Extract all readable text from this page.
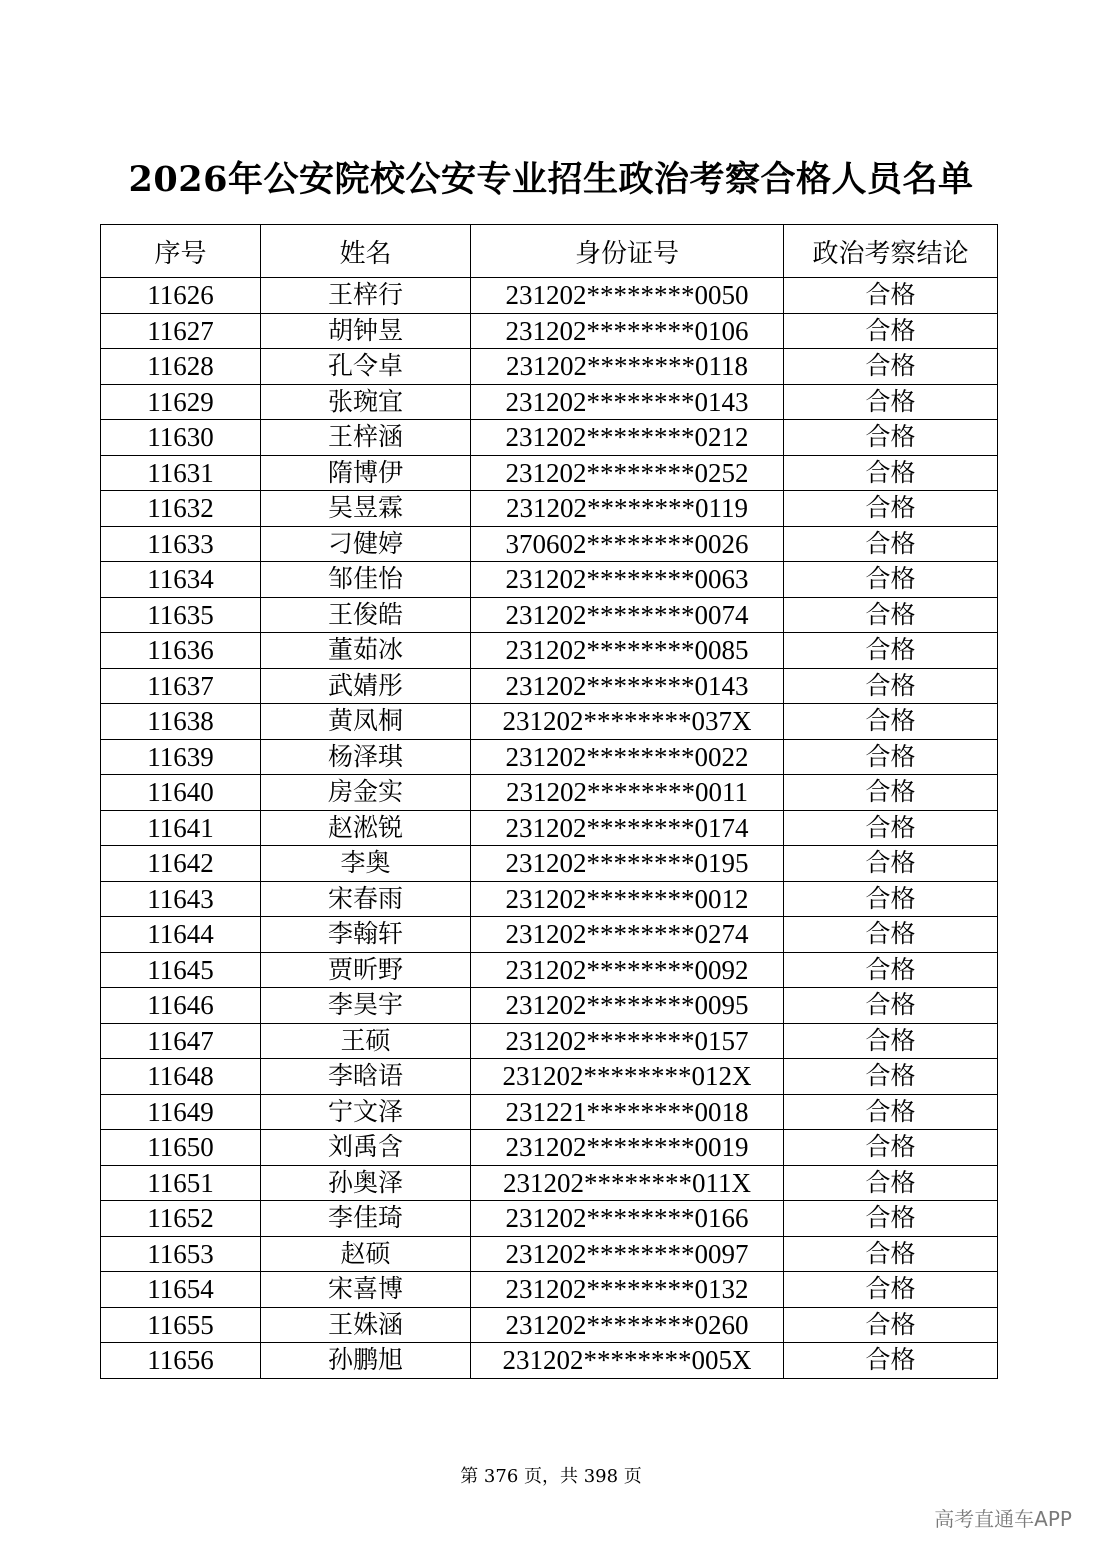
2026年公安院校公安专业招生政治考察合格人员名单
序号	姓名	身份证号	政治考察结论
11626	王梓行	231202********0050	合格
11627	胡钟昱	231202********0106	合格
11628	孔令卓	231202********0118	合格
11629	张琬宜	231202********0143	合格
11630	王梓涵	231202********0212	合格
11631	隋博伊	231202********0252	合格
11632	吴昱霖	231202********0119	合格
11633	刁健婷	370602********0026	合格
11634	邹佳怡	231202********0063	合格
11635	王俊皓	231202********0074	合格
11636	董茹冰	231202********0085	合格
11637	武婧彤	231202********0143	合格
11638	黄凤桐	231202********037X	合格
11639	杨泽琪	231202********0022	合格
11640	房金实	231202********0011	合格
11641	赵淞锐	231202********0174	合格
11642	李奥	231202********0195	合格
11643	宋春雨	231202********0012	合格
11644	李翰轩	231202********0274	合格
11645	贾昕野	231202********0092	合格
11646	李昊宇	231202********0095	合格
11647	王硕	231202********0157	合格
11648	李晗语	231202********012X	合格
11649	宁文泽	231221********0018	合格
11650	刘禹含	231202********0019	合格
11651	孙奥泽	231202********011X	合格
11652	李佳琦	231202********0166	合格
11653	赵硕	231202********0097	合格
11654	宋喜博	231202********0132	合格
11655	王姝涵	231202********0260	合格
11656	孙鹏旭	231202********005X	合格
第 376 页，共 398 页
高考直通车APP
